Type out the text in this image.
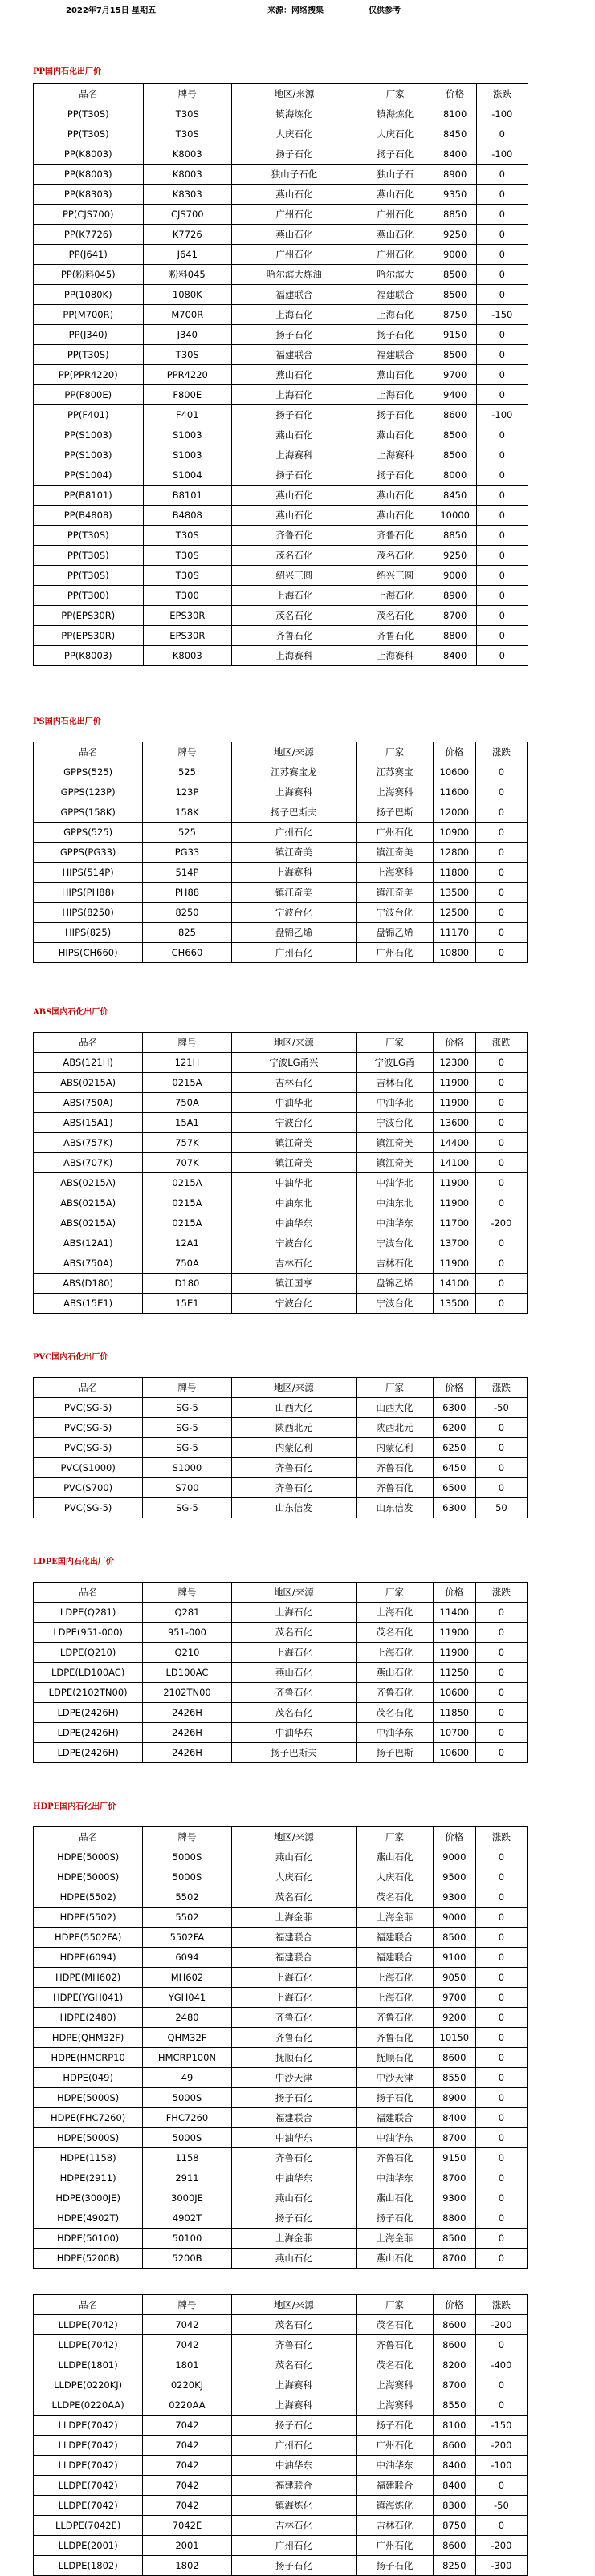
2022年7月15日 星期五	来源：网络搜集	仅供参考
PP国内石化出厂价
品名	牌号	地区/来源	厂家	价格	涨跌
PP(T30S)	T30S	镇海炼化	镇海炼化	8100	-100
PP(T30S)	T30S	大庆石化	大庆石化	8450	0
PP(K8003)	K8003	扬子石化	扬子石化	8400	-100
PP(K8003)	K8003	独山子石化	独山子石	8900	0
PP(K8303)	K8303	燕山石化	燕山石化	9350	0
PP(CJS700)	CJS700	广州石化	广州石化	8850	0
PP(K7726)	K7726	燕山石化	燕山石化	9250	0
PP(J641)	J641	广州石化	广州石化	9000	0
PP(粉料045)	粉料045	哈尔滨大炼油	哈尔滨大	8500	0
PP(1080K)	1080K	福建联合	福建联合	8500	0
PP(M700R)	M700R	上海石化	上海石化	8750	-150
PP(J340)	J340	扬子石化	扬子石化	9150	0
PP(T30S)	T30S	福建联合	福建联合	8500	0
PP(PPR4220)	PPR4220	燕山石化	燕山石化	9700	0
PP(F800E)	F800E	上海石化	上海石化	9400	0
PP(F401)	F401	扬子石化	扬子石化	8600	-100
PP(S1003)	S1003	燕山石化	燕山石化	8500	0
PP(S1003)	S1003	上海赛科	上海赛科	8500	0
PP(S1004)	S1004	扬子石化	扬子石化	8000	0
PP(B8101)	B8101	燕山石化	燕山石化	8450	0
PP(B4808)	B4808	燕山石化	燕山石化	10000	0
PP(T30S)	T30S	齐鲁石化	齐鲁石化	8850	0
PP(T30S)	T30S	茂名石化	茂名石化	9250	0
PP(T30S)	T30S	绍兴三圆	绍兴三圆	9000	0
PP(T300)	T300	上海石化	上海石化	8900	0
PP(EPS30R)	EPS30R	茂名石化	茂名石化	8700	0
PP(EPS30R)	EPS30R	齐鲁石化	齐鲁石化	8800	0
PP(K8003)	K8003	上海赛科	上海赛科	8400	0
PS国内石化出厂价
品名	牌号	地区/来源	厂家	价格	涨跌
GPPS(525)	525	江苏赛宝龙	江苏赛宝	10600	0
GPPS(123P)	123P	上海赛科	上海赛科	11600	0
GPPS(158K)	158K	扬子巴斯夫	扬子巴斯	12000	0
GPPS(525)	525	广州石化	广州石化	10900	0
GPPS(PG33)	PG33	镇江奇美	镇江奇美	12800	0
HIPS(514P)	514P	上海赛科	上海赛科	11800	0
HIPS(PH88)	PH88	镇江奇美	镇江奇美	13500	0
HIPS(8250)	8250	宁波台化	宁波台化	12500	0
HIPS(825)	825	盘锦乙烯	盘锦乙烯	11170	0
HIPS(CH660)	CH660	广州石化	广州石化	10800	0
ABS国内石化出厂价
品名	牌号	地区/来源	厂家	价格	涨跌
ABS(121H)	121H	宁波LG甬兴	宁波LG甬	12300	0
ABS(0215A)	0215A	吉林石化	吉林石化	11900	0
ABS(750A)	750A	中油华北	中油华北	11900	0
ABS(15A1)	15A1	宁波台化	宁波台化	13600	0
ABS(757K)	757K	镇江奇美	镇江奇美	14400	0
ABS(707K)	707K	镇江奇美	镇江奇美	14100	0
ABS(0215A)	0215A	中油华北	中油华北	11900	0
ABS(0215A)	0215A	中油东北	中油东北	11900	0
ABS(0215A)	0215A	中油华东	中油华东	11700	-200
ABS(12A1)	12A1	宁波台化	宁波台化	13700	0
ABS(750A)	750A	吉林石化	吉林石化	11900	0
ABS(D180)	D180	镇江国亨	盘锦乙烯	14100	0
ABS(15E1)	15E1	宁波台化	宁波台化	13500	0
PVC国内石化出厂价
品名	牌号	地区/来源	厂家	价格	涨跌
PVC(SG-5)	SG-5	山西大化	山西大化	6300	-50
PVC(SG-5)	SG-5	陕西北元	陕西北元	6200	0
PVC(SG-5)	SG-5	内蒙亿利	内蒙亿利	6250	0
PVC(S1000)	S1000	齐鲁石化	齐鲁石化	6450	0
PVC(S700)	S700	齐鲁石化	齐鲁石化	6500	0
PVC(SG-5)	SG-5	山东信发	山东信发	6300	50
LDPE国内石化出厂价
品名	牌号	地区/来源	厂家	价格	涨跌
LDPE(Q281)	Q281	上海石化	上海石化	11400	0
LDPE(951-000)	951-000	茂名石化	茂名石化	11900	0
LDPE(Q210)	Q210	上海石化	上海石化	11900	0
LDPE(LD100AC)	LD100AC	燕山石化	燕山石化	11250	0
LDPE(2102TN00)	2102TN00	齐鲁石化	齐鲁石化	10600	0
LDPE(2426H)	2426H	茂名石化	茂名石化	11850	0
LDPE(2426H)	2426H	中油华东	中油华东	10700	0
LDPE(2426H)	2426H	扬子巴斯夫	扬子巴斯	10600	0
HDPE国内石化出厂价
品名	牌号	地区/来源	厂家	价格	涨跌
HDPE(5000S)	5000S	燕山石化	燕山石化	9000	0
HDPE(5000S)	5000S	大庆石化	大庆石化	9500	0
HDPE(5502)	5502	茂名石化	茂名石化	9300	0
HDPE(5502)	5502	上海金菲	上海金菲	9000	0
HDPE(5502FA)	5502FA	福建联合	福建联合	8500	0
HDPE(6094)	6094	福建联合	福建联合	9100	0
HDPE(MH602)	MH602	上海石化	上海石化	9050	0
HDPE(YGH041)	YGH041	上海石化	上海石化	9700	0
HDPE(2480)	2480	齐鲁石化	齐鲁石化	9200	0
HDPE(QHM32F)	QHM32F	齐鲁石化	齐鲁石化	10150	0
HDPE(HMCRP10	HMCRP100N	抚顺石化	抚顺石化	8600	0
HDPE(049)	49	中沙天津	中沙天津	8550	0
HDPE(5000S)	5000S	扬子石化	扬子石化	8900	0
HDPE(FHC7260)	FHC7260	福建联合	福建联合	8400	0
HDPE(5000S)	5000S	中油华东	中油华东	8700	0
HDPE(1158)	1158	齐鲁石化	齐鲁石化	9150	0
HDPE(2911)	2911	中油华东	中油华东	8700	0
HDPE(3000JE)	3000JE	燕山石化	燕山石化	9300	0
HDPE(4902T)	4902T	扬子石化	扬子石化	8800	0
HDPE(50100)	50100	上海金菲	上海金菲	8500	0
HDPE(5200B)	5200B	燕山石化	燕山石化	8700	0
品名	牌号	地区/来源	厂家	价格	涨跌
LLDPE(7042)	7042	茂名石化	茂名石化	8600	-200
LLDPE(7042)	7042	齐鲁石化	齐鲁石化	8600	0
LLDPE(1801)	1801	茂名石化	茂名石化	8200	-400
LLDPE(0220KJ)	0220KJ	上海赛科	上海赛科	8700	0
LLDPE(0220AA)	0220AA	上海赛科	上海赛科	8550	0
LLDPE(7042)	7042	扬子石化	扬子石化	8100	-150
LLDPE(7042)	7042	广州石化	广州石化	8600	-200
LLDPE(7042)	7042	中油华东	中油华东	8400	-100
LLDPE(7042)	7042	福建联合	福建联合	8400	0
LLDPE(7042)	7042	镇海炼化	镇海炼化	8300	-50
LLDPE(7042E)	7042E	吉林石化	吉林石化	8750	0
LLDPE(2001)	2001	广州石化	广州石化	8600	-200
LLDPE(1802)	1802	扬子石化	扬子石化	8250	-300
